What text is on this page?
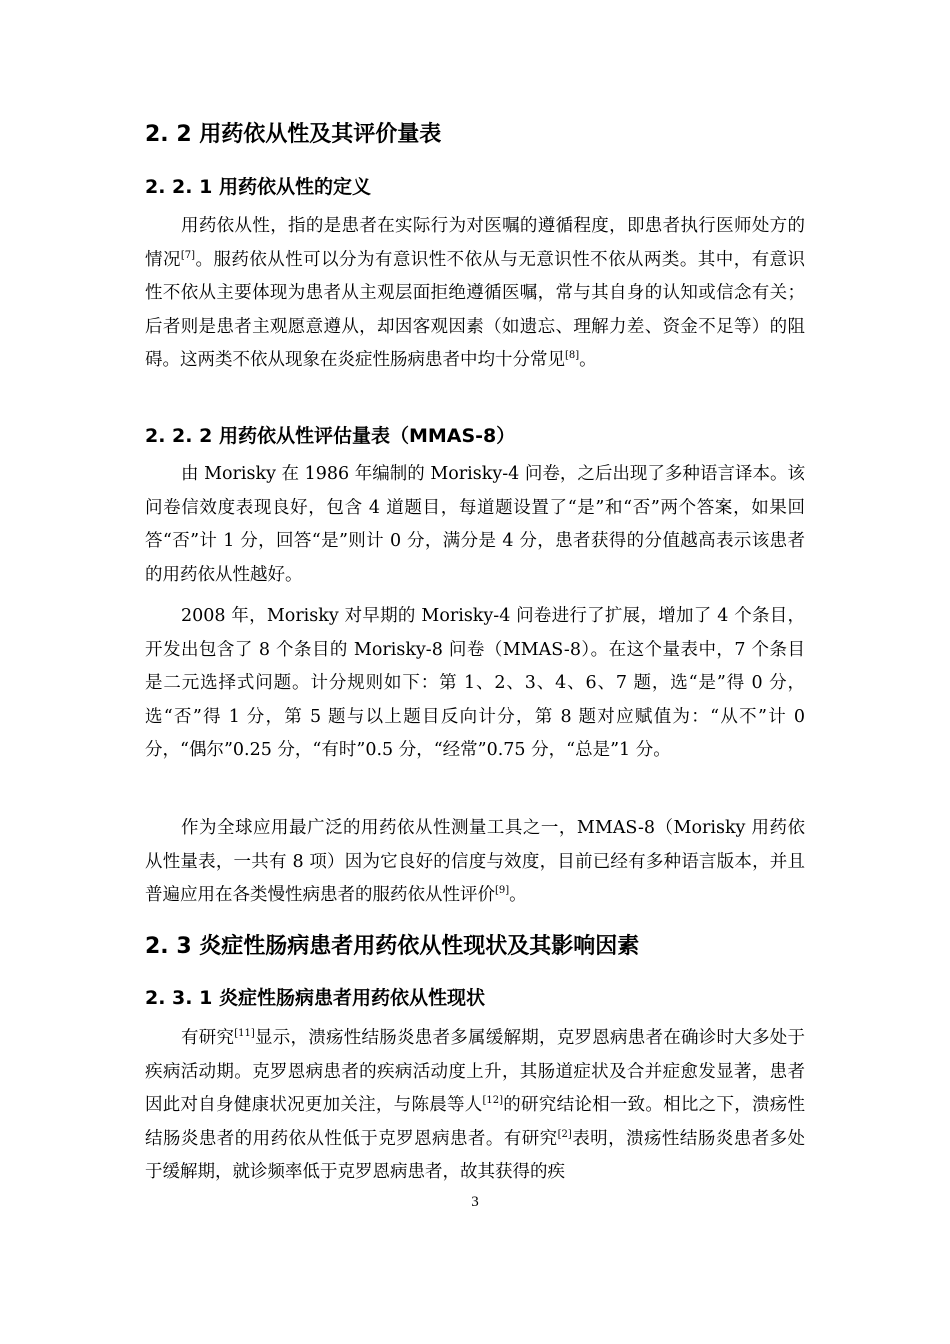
2. 2 用药依从性及其评价量表
2. 2. 1 用药依从性的定义

用药依从性，指的是患者在实际行为对医嘱的遵循程度，即患者执行医师处方的情况[7]。服药依从性可以分为有意识性不依从与无意识性不依从两类。其中，有意识性不依从主要体现为患者从主观层面拒绝遵循医嘱，常与其自身的认知或信念有关；后者则是患者主观愿意遵从，却因客观因素（如遗忘、理解力差、资金不足等）的阻碍。这两类不依从现象在炎症性肠病患者中均十分常见[8]。

2. 2. 2 用药依从性评估量表（MMAS-8）

由 Morisky 在 1986 年编制的 Morisky-4 问卷，之后出现了多种语言译本。该问卷信效度表现良好，包含 4 道题目，每道题设置了“是”和“否”两个答案，如果回答“否”计 1 分，回答“是”则计 0 分，满分是 4 分，患者获得的分值越高表示该患者的用药依从性越好。

2008 年，Morisky 对早期的 Morisky-4 问卷进行了扩展，增加了 4 个条目，开发出包含了 8 个条目的 Morisky-8 问卷（MMAS-8）。在这个量表中，7 个条目是二元选择式问题。计分规则如下：第 1、2、3、4、6、7 题，选“是”得 0 分，选“否”得 1 分，第 5 题与以上题目反向计分，第 8 题对应赋值为：“从不”计 0 分，“偶尔”0.25 分，“有时”0.5 分，“经常”0.75 分，“总是”1 分。

作为全球应用最广泛的用药依从性测量工具之一，MMAS-8（Morisky 用药依从性量表，一共有 8 项）因为它良好的信度与效度，目前已经有多种语言版本，并且普遍应用在各类慢性病患者的服药依从性评价[9]。

2. 3 炎症性肠病患者用药依从性现状及其影响因素
2. 3. 1 炎症性肠病患者用药依从性现状

有研究[11]显示，溃疡性结肠炎患者多属缓解期，克罗恩病患者在确诊时大多处于疾病活动期。克罗恩病患者的疾病活动度上升，其肠道症状及合并症愈发显著，患者因此对自身健康状况更加关注，与陈晨等人[12]的研究结论相一致。相比之下，溃疡性结肠炎患者的用药依从性低于克罗恩病患者。有研究[2]表明，溃疡性结肠炎患者多处于缓解期，就诊频率低于克罗恩病患者，故其获得的疾

3
